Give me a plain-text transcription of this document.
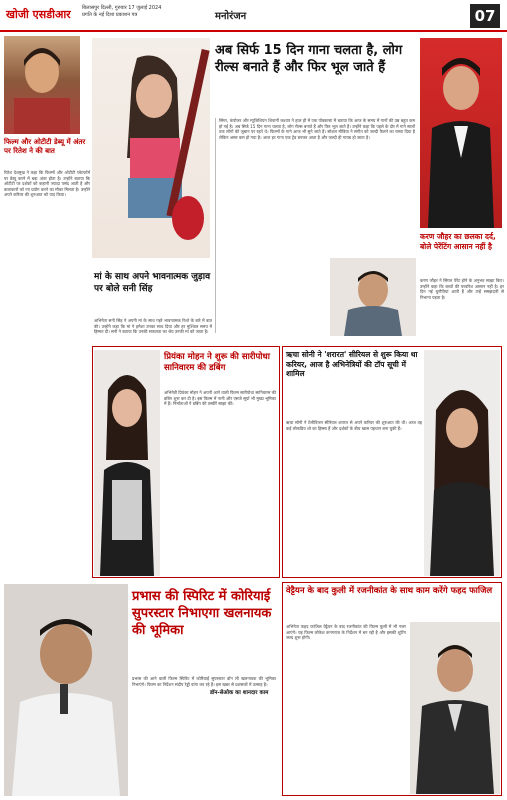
खोजी एसडीआर बिलासपुर दिल्ली, गुरुवार 17 जुलाई 2024
प्रगति के नई दिशा प्रकाशन पत्र	मनोरंजन	07
फिल्म और ओटीटी डेब्यू में अंतर पर रितेश ने की बात
रितेश देशमुख ने कहा कि फिल्मों और ओटीटी प्लेटफॉर्म पर डेब्यू करने में बड़ा अंतर होता है। उन्होंने बताया कि ओटीटी पर दर्शकों को कहानी ज्यादा पसंद आती है और कलाकारों को नए प्रयोग करने का मौका मिलता है। उन्होंने अपने करियर की शुरुआत को याद किया।
अब सिर्फ 15 दिन गाना चलता है, लोग रील्स बनाते हैं और फिर भूल जाते हैं
सिंगर, कंपोजर और म्यूजिशियन शिवानी कश्यप ने हाल ही में एक पॉडकास्ट में बताया कि आज के समय में गानों की उम्र बहुत कम हो गई है। अब सिर्फ 15 दिन गाना चलता है, लोग रील्स बनाते हैं और फिर भूल जाते हैं। उन्होंने कहा कि पहले के दौर में गाने सालों तक लोगों की जुबान पर रहते थे। फिल्मों के गाने आज भी सुने जाते हैं। सोशल मीडिया ने संगीत को जल्दी फैलने का रास्ता दिया है लेकिन असर कम हो गया है। आज हर गाना एक ट्रेंड बनकर आता है और जल्दी ही गायब हो जाता है।
करण जौहर का छलका दर्द, बोले पेरेंटिंग आसान नहीं है
करण जौहर ने सिंगल पेरेंट होने के अनुभव साझा किए। उन्होंने कहा कि बच्चों की परवरिश आसान नहीं है। हर दिन नई चुनौतियां आती हैं और उन्हें समझदारी से निभाना पड़ता है।
मां के साथ अपने भावनात्मक जुड़ाव पर बोले सनी सिंह
अभिनेता सनी सिंह ने अपनी मां के साथ गहरे भावनात्मक रिश्ते के बारे में बात की। उन्होंने कहा कि मां ने हमेशा उनका साथ दिया और हर मुश्किल समय में हिम्मत दी। सनी ने बताया कि उनकी सफलता का श्रेय उनकी मां को जाता है।
प्रियंका मोहन ने शुरू की सारीपोधा सानिवारम की डबिंग
अभिनेत्री प्रियंका मोहन ने अपनी आने वाली फिल्म सारीपोधा सानिवारम की डबिंग शुरू कर दी है। इस फिल्म में नानी और एसजे सूर्या भी मुख्य भूमिका में हैं। निर्माताओं ने डबिंग की तस्वीरें साझा कीं।
ऋचा सोनी ने 'शरारत' सीरियल से शुरू किया था करियर, आज है अभिनेत्रियों की टॉप सूची में शामिल
ऋचा सोनी ने टेलीविजन सीरियल शरारत से अपने करियर की शुरुआत की थी। आज वह कई लोकप्रिय शो का हिस्सा हैं और दर्शकों के बीच खास पहचान बना चुकी हैं।
प्रभास की स्पिरिट में कोरियाई सुपरस्टार निभाएगा खलनायक की भूमिका
प्रभास की आने वाली फिल्म स्पिरिट में कोरियाई सुपरस्टार डॉन ली खलनायक की भूमिका निभाएंगे। फिल्म का निर्देशन संदीप रेड्डी वांगा कर रहे हैं। इस खबर से प्रशंसकों में उत्साह है।
डॉन-सेओक का शानदार काम
वेट्टैयन के बाद कुली में रजनीकांत के साथ काम करेंगे फहद फाजिल
अभिनेता फहद फाजिल वेट्टैयन के बाद रजनीकांत की फिल्म कुली में भी नजर आएंगे। यह फिल्म लोकेश कनगराज के निर्देशन में बन रही है और इसकी शूटिंग जल्द शुरू होगी।
